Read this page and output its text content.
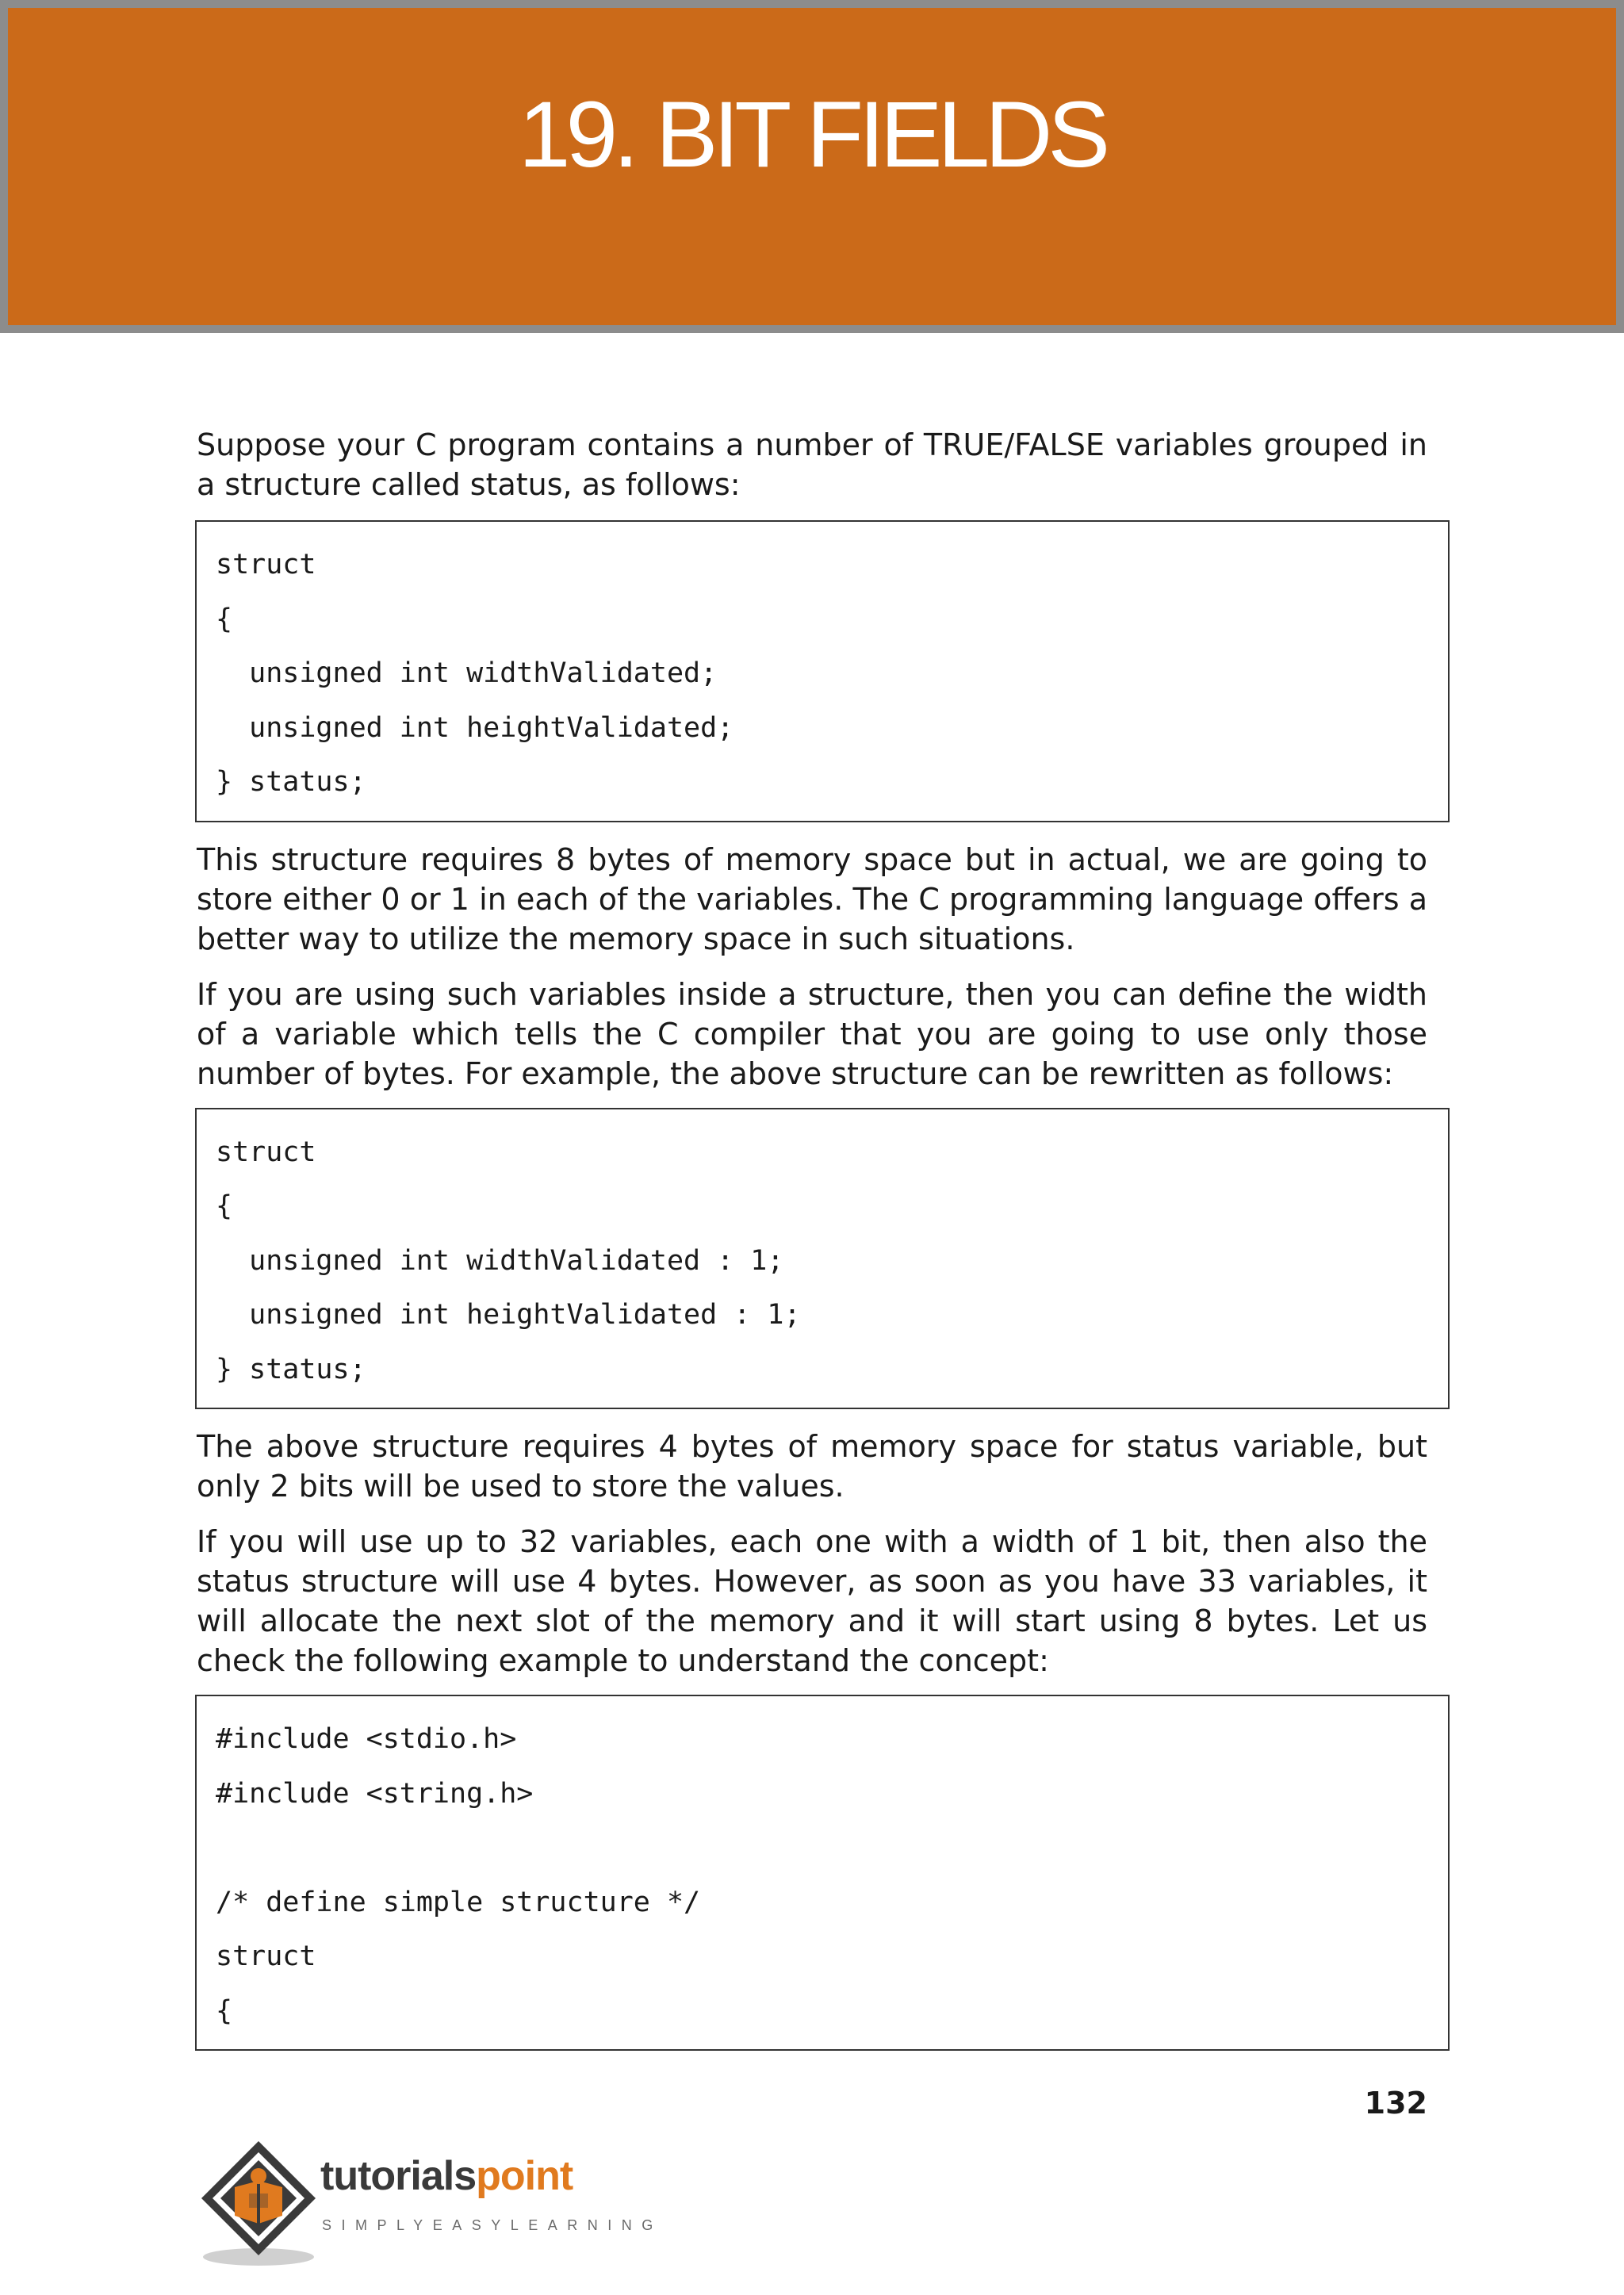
19. BIT FIELDS

Suppose your C program contains a number of TRUE/FALSE variables grouped in a structure called status, as follows:

struct
{
unsigned int widthValidated;
unsigned int heightValidated;
} status;

This structure requires 8 bytes of memory space but in actual, we are going to store either 0 or 1 in each of the variables. The C programming language offers a better way to utilize the memory space in such situations.

If you are using such variables inside a structure, then you can define the width of a variable which tells the C compiler that you are going to use only those number of bytes. For example, the above structure can be rewritten as follows:

struct
{
unsigned int widthValidated : 1;
unsigned int heightValidated : 1;
} status;

The above structure requires 4 bytes of memory space for status variable, but only 2 bits will be used to store the values.

If you will use up to 32 variables, each one with a width of 1 bit, then also the status structure will use 4 bytes. However, as soon as you have 33 variables, it will allocate the next slot of the memory and it will start using 8 bytes. Let us check the following example to understand the concept:

#include <stdio.h>
#include <string.h>
/* define simple structure */
struct
{
132
tutorialspoint
SIMPLYEASYLEARNING
